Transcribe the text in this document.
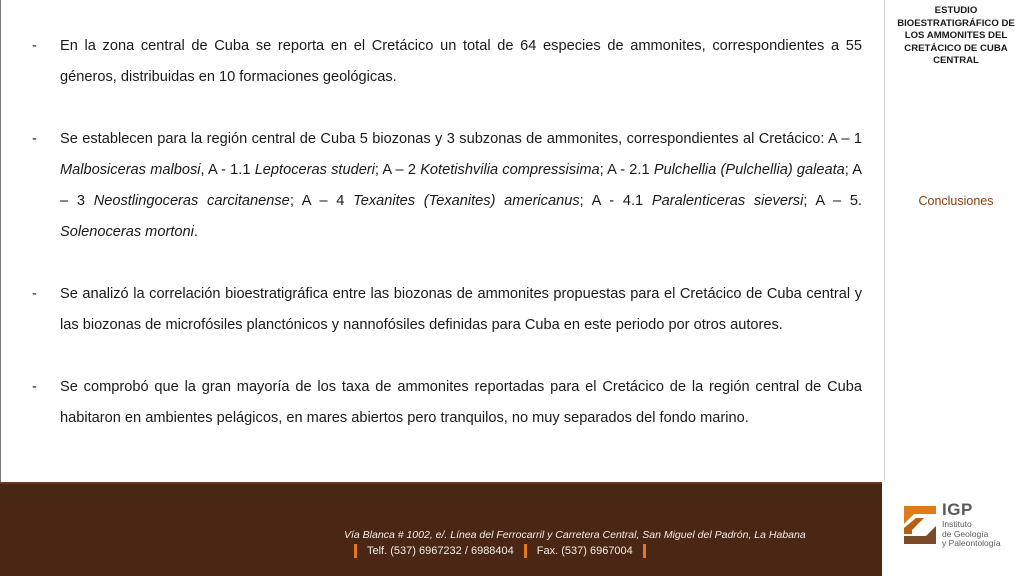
- En la zona central de Cuba se reporta en el Cretácico un total de 64 especies de ammonites, correspondientes a 55 géneros, distribuidas en 10 formaciones geológicas.

- Se establecen para la región central de Cuba 5 biozonas y 3 subzonas de ammonites, correspondientes al Cretácico: A – 1 Malbosiceras malbosi, A - 1.1 Leptoceras studeri; A – 2 Kotetishvilia compressisima; A - 2.1 Pulchellia (Pulchellia) galeata; A – 3 Neostlingoceras carcitanense; A – 4 Texanites (Texanites) americanus; A - 4.1 Paralenticeras sieversi; A – 5. Solenoceras mortoni.

- Se analizó la correlación bioestratigráfica entre las biozonas de ammonites propuestas para el Cretácico de Cuba central y las biozonas de microfósiles planctónicos y nannofósiles definidas para Cuba en este periodo por otros autores.

- Se comprobó que la gran mayoría de los taxa de ammonites reportadas para el Cretácico de la región central de Cuba habitaron en ambientes pelágicos, en mares abiertos pero tranquilos, no muy separados del fondo marino.

ESTUDIO BIOESTRATIGRÁFICO DE LOS AMMONITES DEL CRETÁCICO DE CUBA CENTRAL
Conclusiones
Vía Blanca # 1002, e/. Línea del Ferrocarril y Carretera Central, San Miguel del Padrón, La Habana
Telf. (537) 6967232 / 6988404 Fax. (537) 6967004
IGP
Instituto
de Geología
y Paleontología
